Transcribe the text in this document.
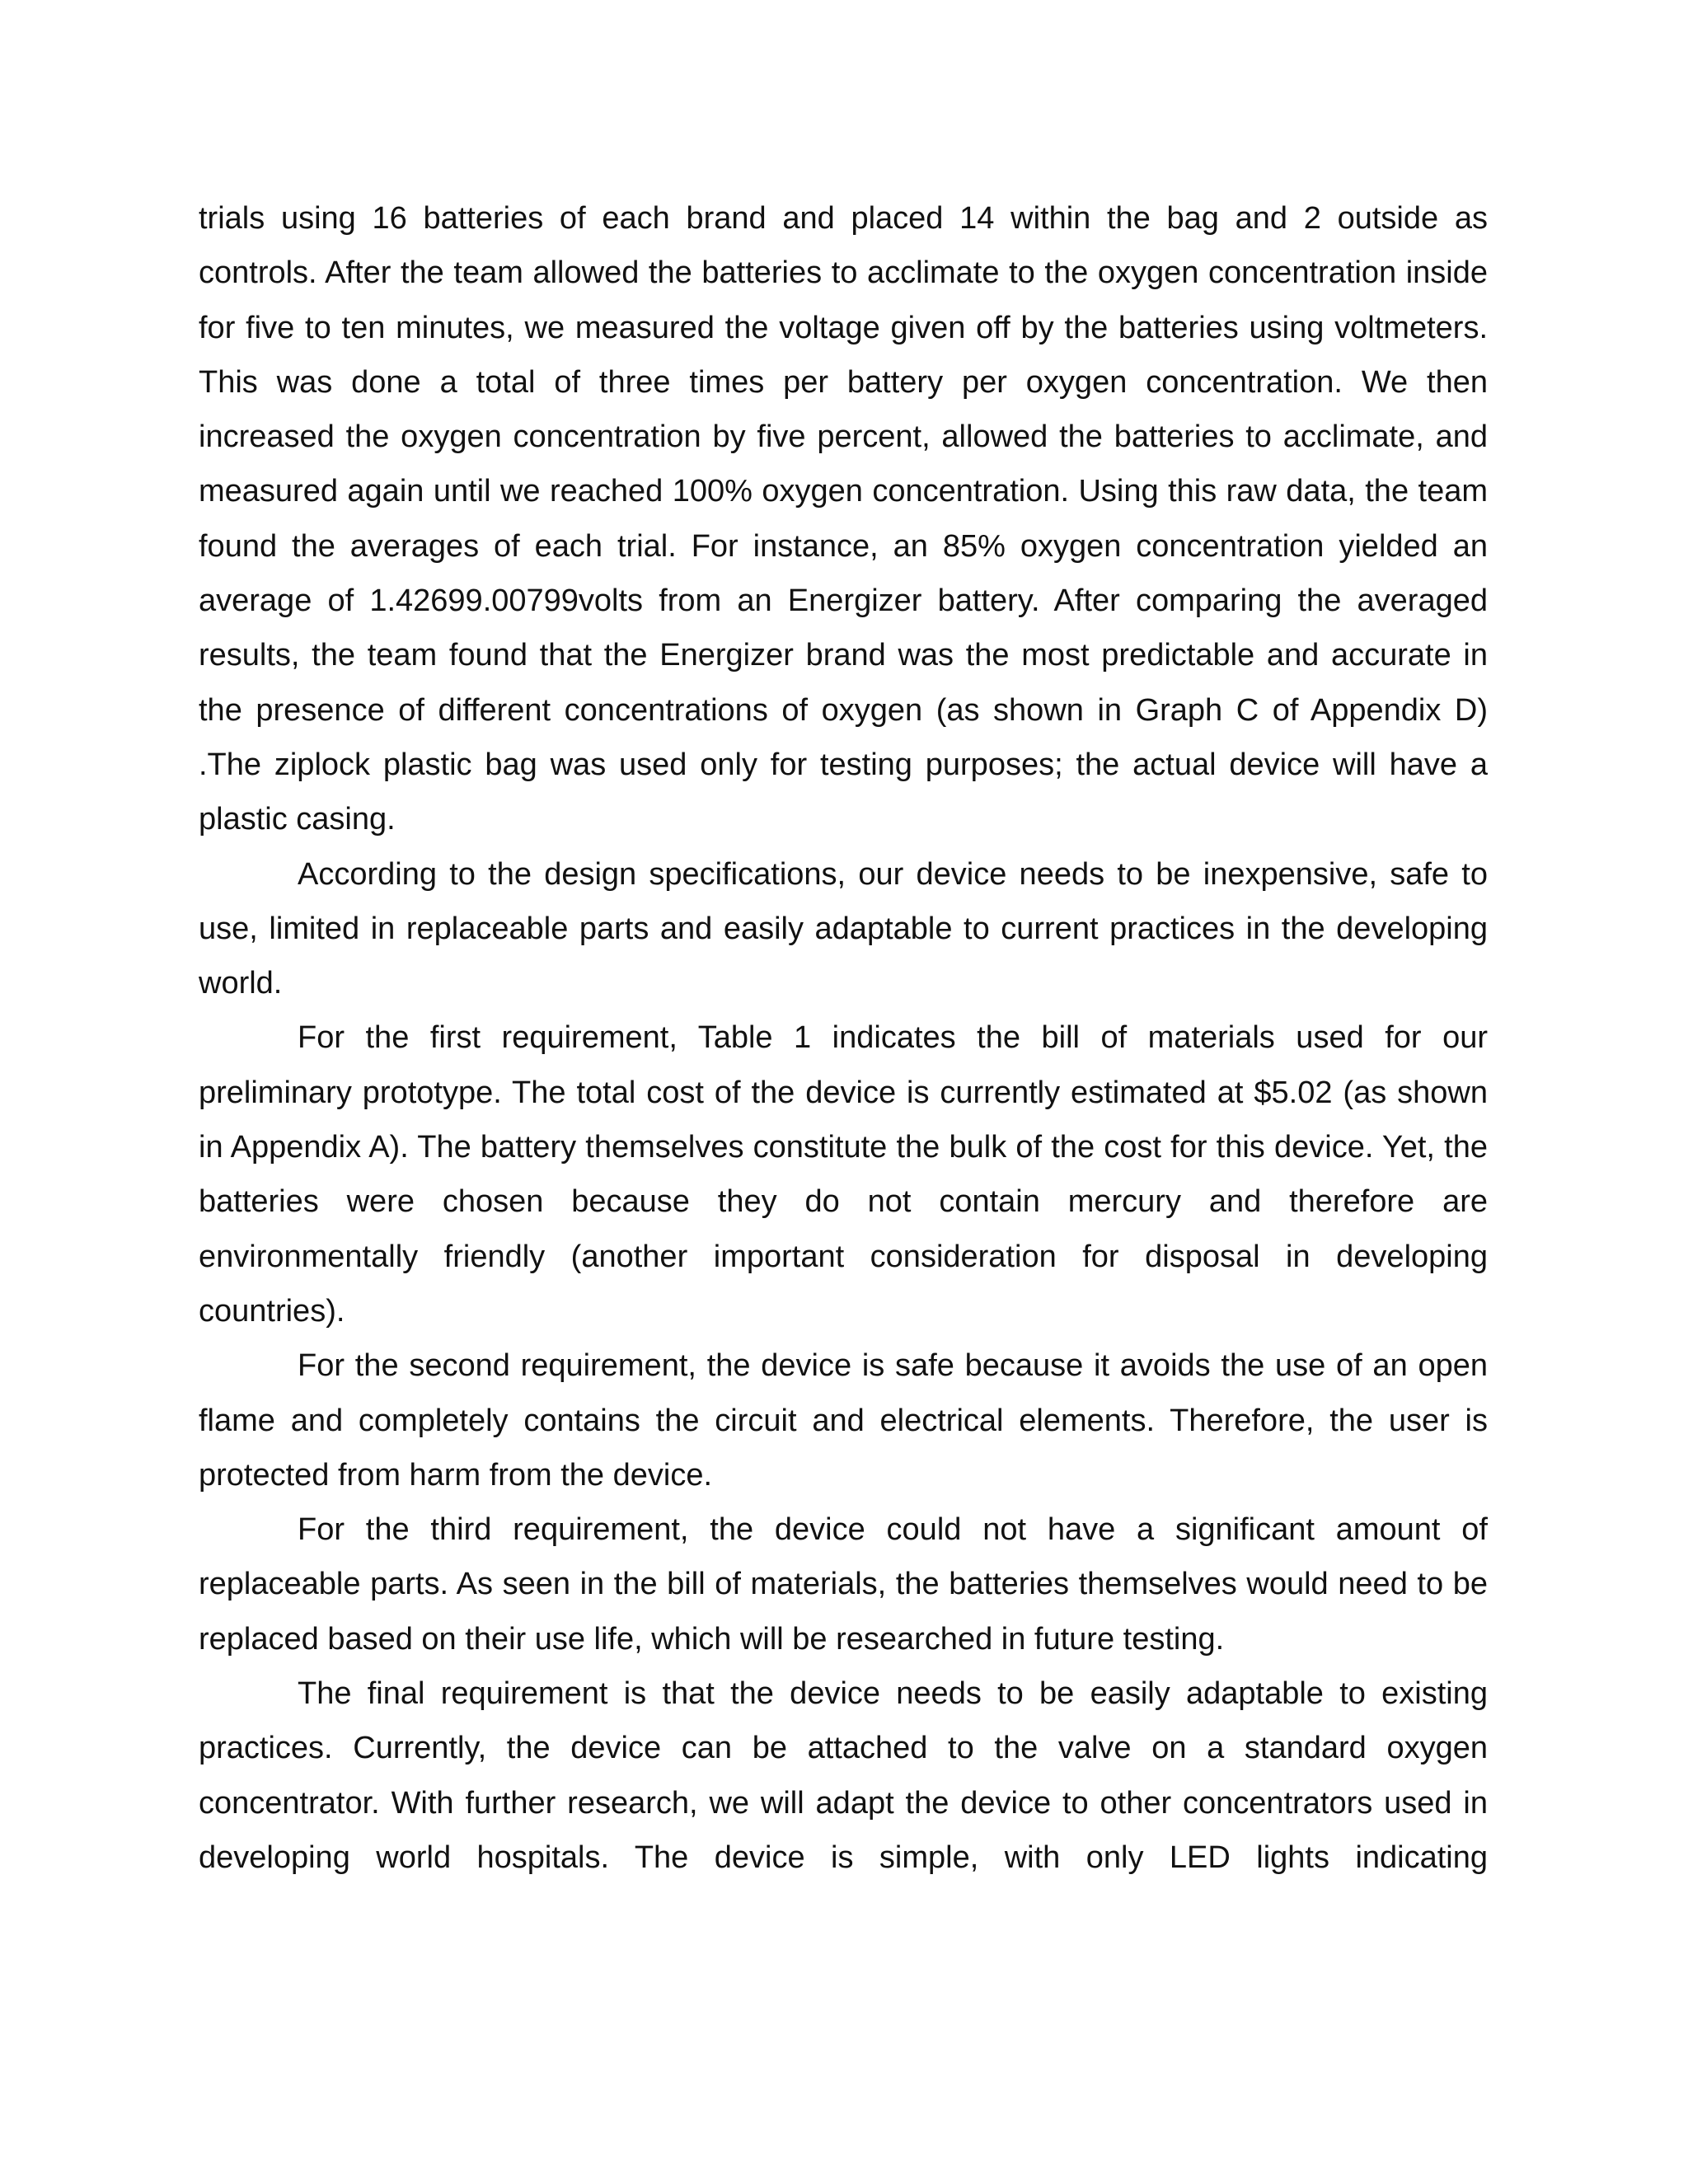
trials using 16 batteries of each brand and placed 14 within the bag and 2 outside as controls. After the team allowed the batteries to acclimate to the oxygen concentration inside for five to ten minutes, we measured the voltage given off by the batteries using voltmeters. This was done a total of three times per battery per oxygen concentration. We then increased the oxygen concentration by five percent, allowed the batteries to acclimate, and measured again until we reached 100% oxygen concentration. Using this raw data, the team found the averages of each trial. For instance, an 85% oxygen concentration yielded an average of 1.42699.00799volts from an Energizer battery. After comparing the averaged results, the team found that the Energizer brand was the most predictable and accurate in the presence of different concentrations of oxygen (as shown in Graph C of Appendix D) .The ziplock plastic bag was used only for testing purposes; the actual device will have a plastic casing.

According to the design specifications, our device needs to be inexpensive, safe to use, limited in replaceable parts and easily adaptable to current practices in the developing world.

For the first requirement, Table 1 indicates the bill of materials used for our preliminary prototype. The total cost of the device is currently estimated at $5.02 (as shown in Appendix A). The battery themselves constitute the bulk of the cost for this device. Yet, the batteries were chosen because they do not contain mercury and therefore are environmentally friendly (another important consideration for disposal in developing countries).

For the second requirement, the device is safe because it avoids the use of an open flame and completely contains the circuit and electrical elements. Therefore, the user is protected from harm from the device.

For the third requirement, the device could not have a significant amount of replaceable parts. As seen in the bill of materials, the batteries themselves would need to be replaced based on their use life, which will be researched in future testing.

The final requirement is that the device needs to be easily adaptable to existing practices. Currently, the device can be attached to the valve on a standard oxygen concentrator. With further research, we will adapt the device to other concentrators used in developing world hospitals. The device is simple, with only LED lights indicating
